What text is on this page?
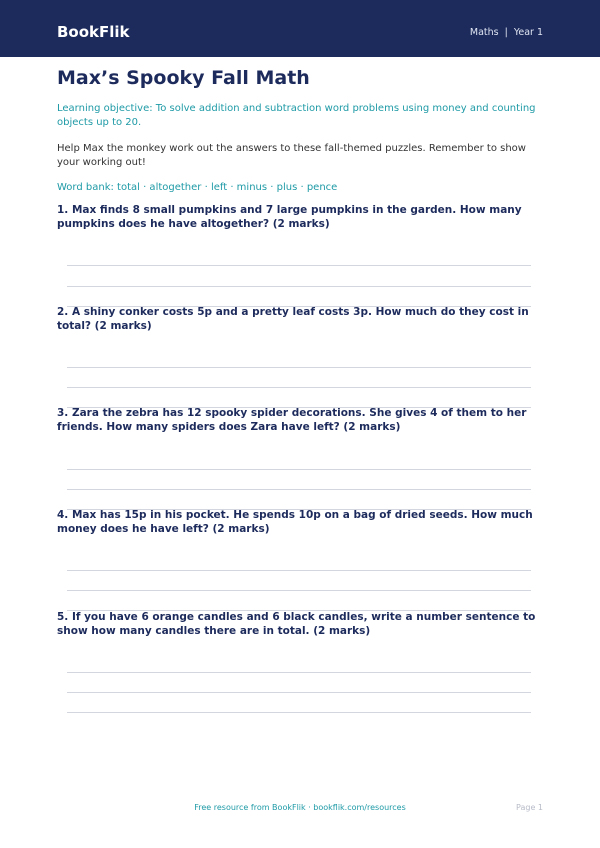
BookFlik	Maths | Year 1
Max’s Spooky Fall Math

Learning objective: To solve addition and subtraction word problems using money and counting objects up to 20.

Help Max the monkey work out the answers to these fall-themed puzzles. Remember to show your working out!

Word bank: total · altogether · left · minus · plus · pence

1. Max finds 8 small pumpkins and 7 large pumpkins in the garden. How many pumpkins does he have altogether? (2 marks)

2. A shiny conker costs 5p and a pretty leaf costs 3p. How much do they cost in total? (2 marks)

3. Zara the zebra has 12 spooky spider decorations. She gives 4 of them to her friends. How many spiders does Zara have left? (2 marks)

4. Max has 15p in his pocket. He spends 10p on a bag of dried seeds. How much money does he have left? (2 marks)

5. If you have 6 orange candles and 6 black candles, write a number sentence to show how many candles there are in total. (2 marks)

Free resource from BookFlik · bookflik.com/resources	Page 1
